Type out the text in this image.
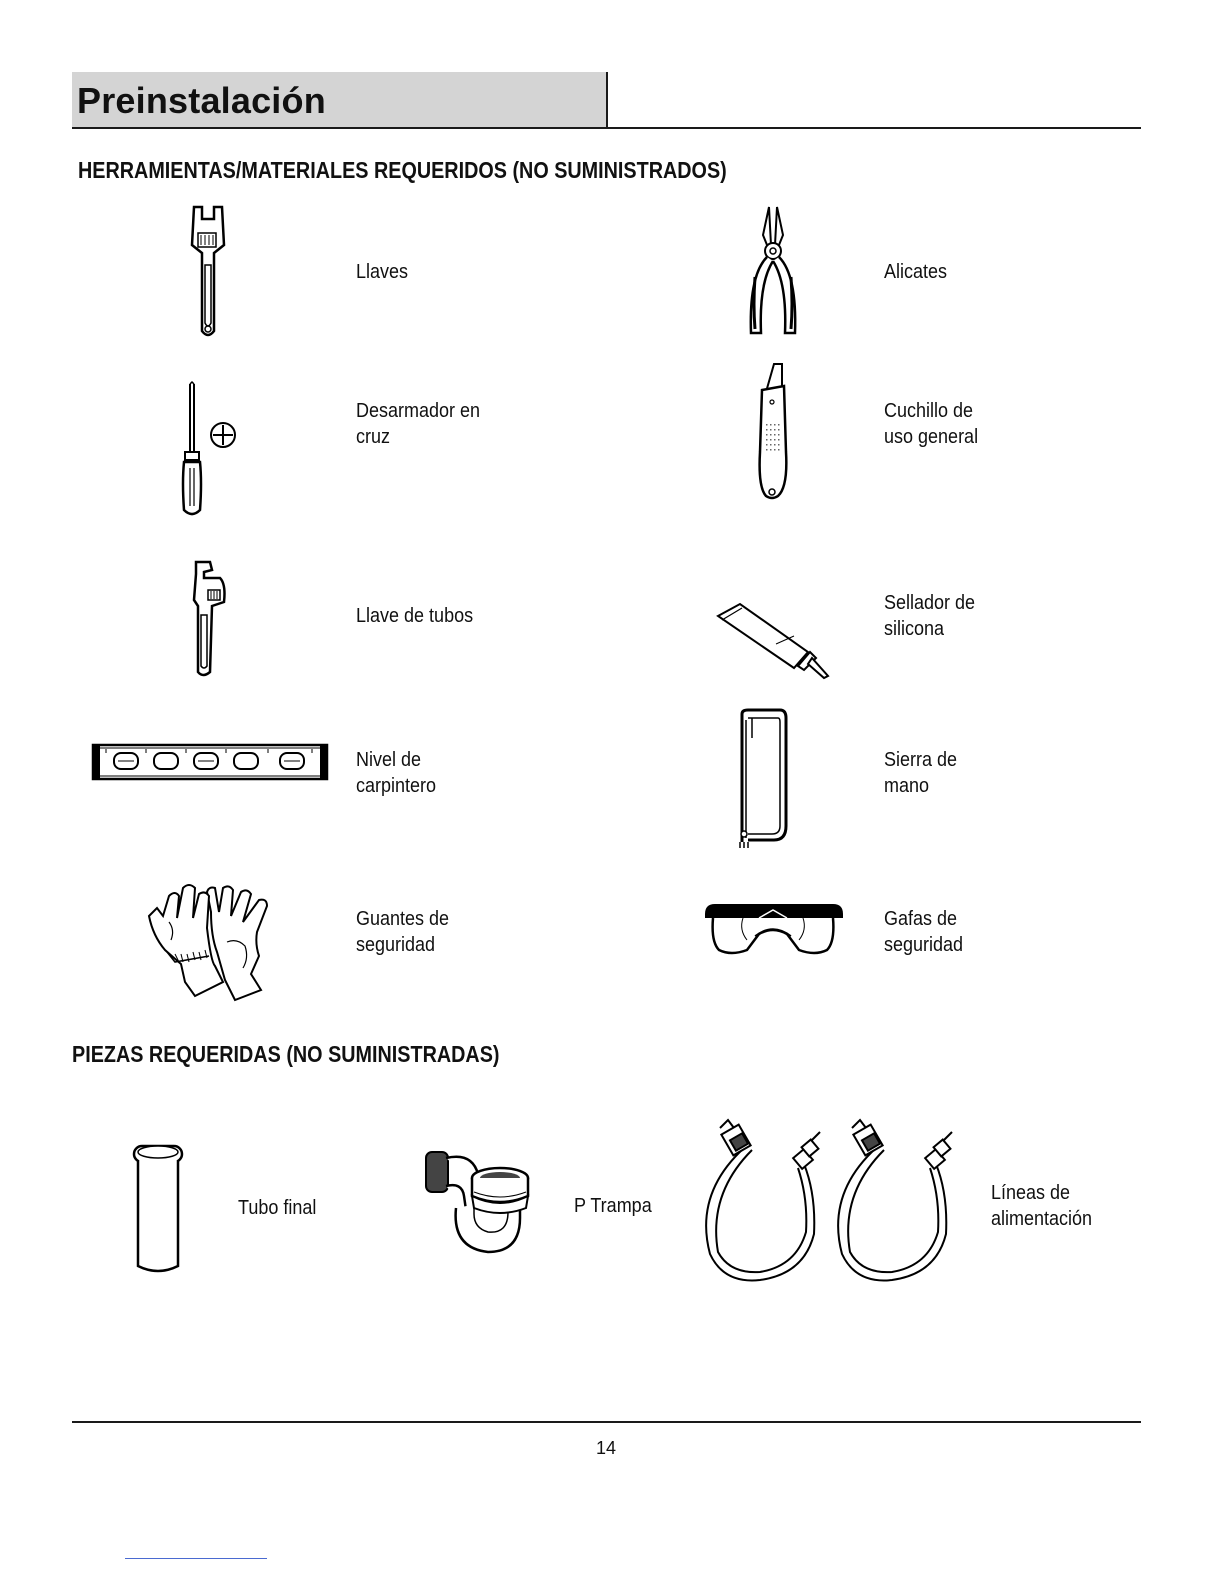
Preinstalación
HERRAMIENTAS/MATERIALES REQUERIDOS (NO SUMINISTRADOS)
Llaves	Alicates
Desarmador en
cruz
Cuchillo de
uso general
Llave de tubos
Sellador de
silicona
Nivel de
carpintero
Sierra de
mano
Guantes de
seguridad
Gafas de
seguridad
PIEZAS REQUERIDAS (NO SUMINISTRADAS)
Tubo final	P Trampa
Líneas de
alimentación
14
